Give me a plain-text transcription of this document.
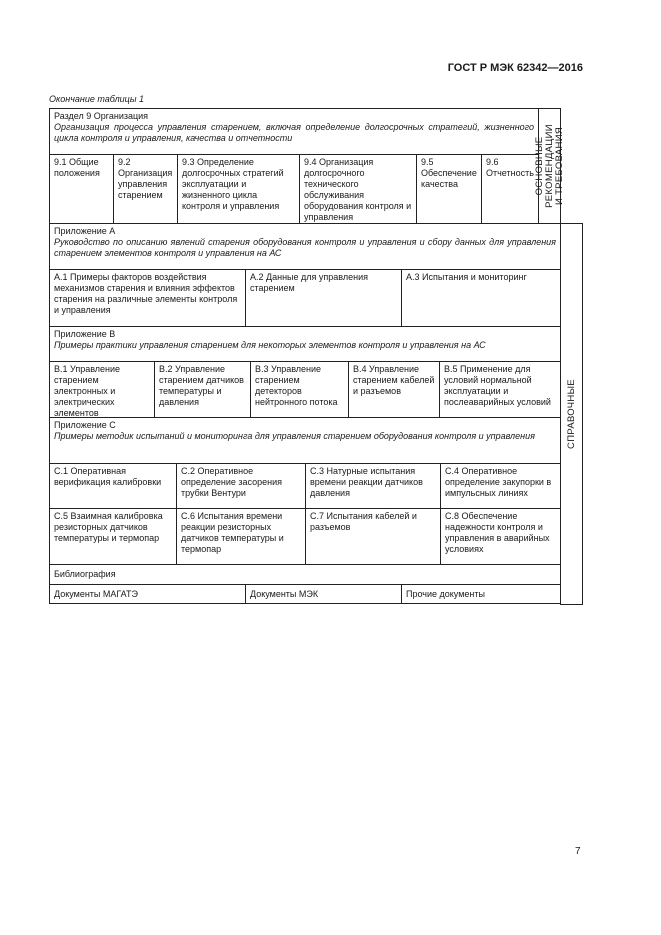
ГОСТ Р МЭК 62342—2016
Окончание таблицы 1
Раздел 9 Организация
Организация процесса управления старением, включая определение долгосрочных стратегий, жизненного цикла контроля и управления, качества и отчетности
9.1 Общие положения
9.2 Организация управления старением
9.3 Определение долгосрочных стратегий эксплуатации и жизненного цикла контроля и управления
9.4 Организация долгосрочного технического обслуживания оборудования контроля и управления
9.5 Обеспечение качества
9.6 Отчетность ОСНОВНЫЕ
РЕКОМЕНДАЦИИ
И ТРЕБОВАНИЯ
Приложение А
Руководство по описанию явлений старения оборудования контроля и управления и сбору данных для управления старением элементов контроля и управления на АС
А.1 Примеры факторов воздействия механизмов старения и влияния эффектов старения на различные элементы контроля и управления
А.2 Данные для управления старением
А.3 Испытания и мониторинг
Приложение В
Примеры практики управления старением для некоторых элементов контроля и управления на АС
В.1 Управление старением электронных и электрических элементов
В.2 Управление старением датчиков температуры и давления
В.3 Управление старением детекторов нейтронного потока
В.4 Управление старением кабелей и разъемов
В.5 Применение для условий нормальной эксплуатации и послеаварийных условий
Приложение С
Примеры методик испытаний и мониторинга для управления старением оборудования контроля и управления
С.1 Оперативная верификация калибровки
С.2 Оперативное определение засорения трубки Вентури
С.3 Натурные испытания времени реакции датчиков давления
С.4 Оперативное определение закупорки в импульсных линиях
С.5 Взаимная калибровка резисторных датчиков температуры и термопар
С.6 Испытания времени реакции резисторных датчиков температуры и термопар
С.7 Испытания кабелей и разъемов
С.8 Обеспечение надежности контроля и управления в аварийных условиях
Библиография
Документы МАГАТЭ	Документы МЭК	Прочие документы
СПРАВОЧНЫЕ
7
